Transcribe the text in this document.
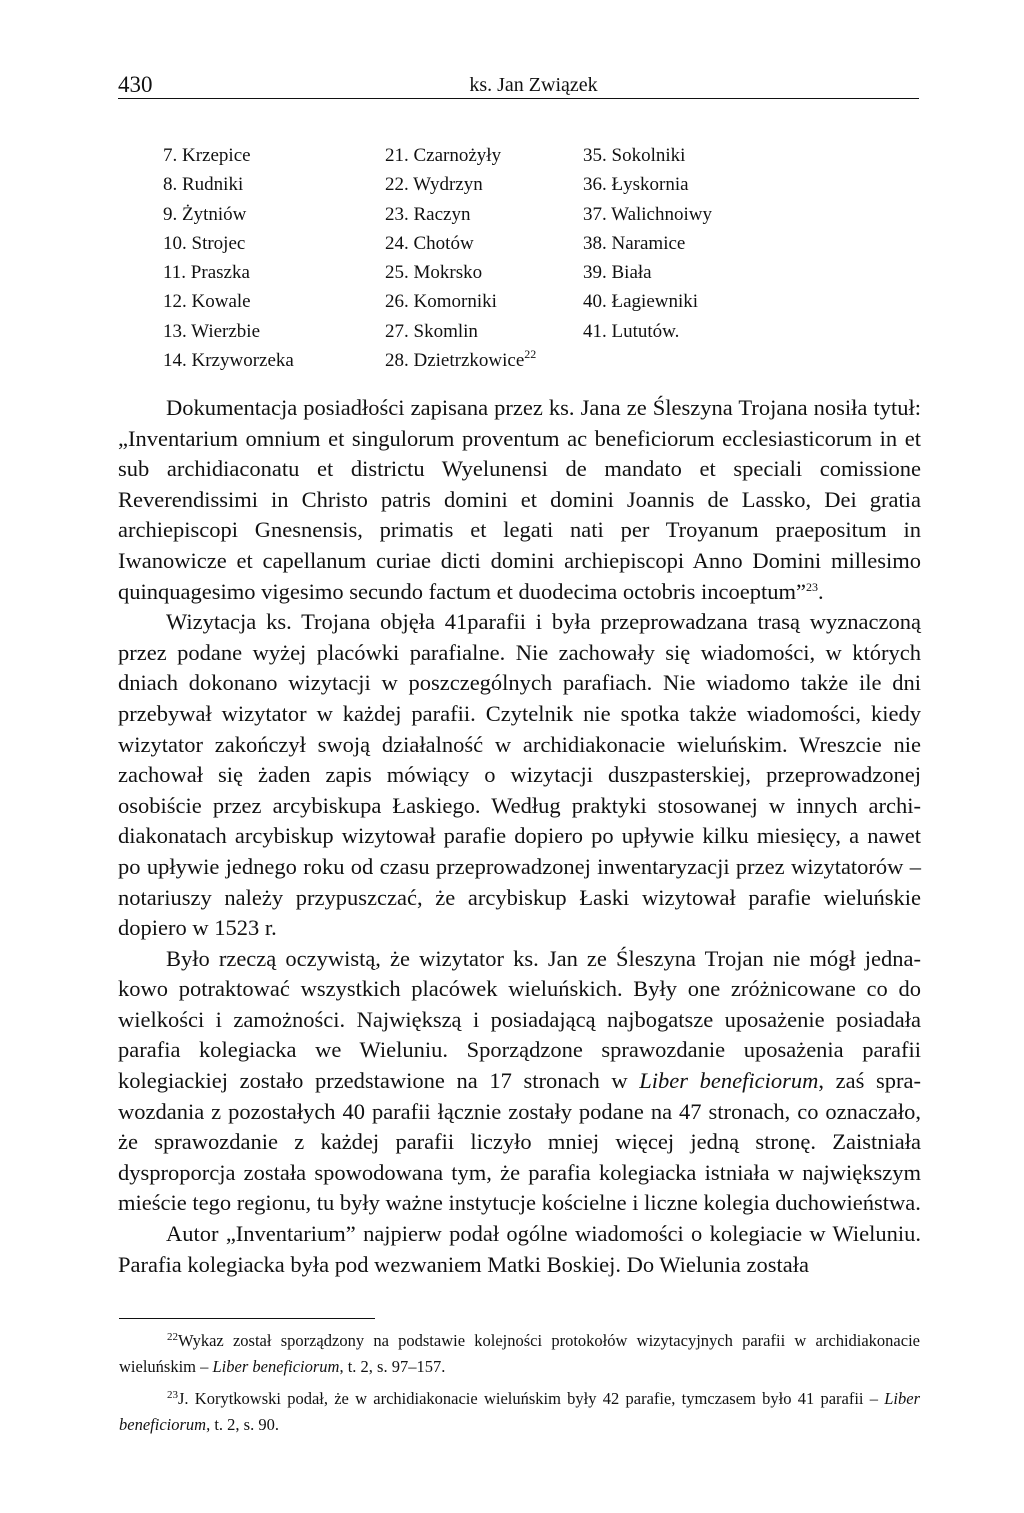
430	ks. Jan Związek
7. Krzepice
8. Rudniki
9. Żytniów
10. Strojec
11. Praszka
12. Kowale
13. Wierzbie
14. Krzyworzeka
21. Czarnożyły
22. Wydrzyn
23. Raczyn
24. Chotów
25. Mokrsko
26. Komorniki
27. Skomlin
28. Dzietrzkowice$^{22}$
35. Sokolniki
36. Łyskornia
37. Walichnoiwy
38. Naramice
39. Biała
40. Łagiewniki
41. Lututów.

Dokumentacja posiadłości zapisana przez ks. Jana ze Śleszyna Trojana nosiła tytuł: „Inventarium omnium et singulorum proventum ac beneficiorum ecclesiasticorum in et sub archidiaconatu et districtu Wyelunensi de mandato et speciali comissione Reverendissimi in Christo patris domini et domini Joannis de Lassko, Dei gratia archiepiscopi Gnesnensis, primatis et legati nati per Troyanum praepositum in Iwanowicze et capellanum curiae dicti domini archiepiscopi Anno Domini millesimo quinquagesimo vigesimo secundo factum et duodecima octobris incoeptum”$^{23}$.

Wizytacja ks. Trojana objęła 41parafii i była przeprowadzana trasą wyznaczoną przez podane wyżej placówki parafialne. Nie zachowały się wiadomości, w których dniach dokonano wizytacji w poszczególnych parafiach. Nie wiadomo także ile dni przebywał wizytator w każdej parafii. Czytelnik nie spotka także wiadomości, kiedy wizytator zakończył swoją działalność w archidiakonacie wieluńskim. Wreszcie nie zachował się żaden zapis mówiący o wizytacji duszpasterskiej, przeprowadzonej osobiście przez arcybiskupa Łaskiego. Według praktyki stosowanej w innych archidiakonatach arcybiskup wizytował parafie dopiero po upływie kilku miesięcy, a nawet po upływie jednego roku od czasu przeprowadzonej inwentaryzacji przez wizytatorów – notariuszy należy przypuszczać, że arcybiskup Łaski wizytował parafie wieluńskie dopiero w 1523 r.

Było rzeczą oczywistą, że wizytator ks. Jan ze Śleszyna Trojan nie mógł jednakowo potraktować wszystkich placówek wieluńskich. Były one zróżnicowane co do wielkości i zamożności. Największą i posiadającą najbogatsze uposażenie posiadała parafia kolegiacka we Wieluniu. Sporządzone sprawozdanie uposażenia parafii kolegiackiej zostało przedstawione na 17 stronach w Liber beneficiorum, zaś sprawozdania z pozostałych 40 parafii łącznie zostały podane na 47 stronach, co oznaczało, że sprawozdanie z każdej parafii liczyło mniej więcej jedną stronę. Zaistniała dysproporcja została spowodowana tym, że parafia kolegiacka istniała w największym mieście tego regionu, tu były ważne instytucje kościelne i liczne kolegia duchowieństwa.

Autor „Inventarium” najpierw podał ogólne wiadomości o kolegiacie w Wieluniu. Parafia kolegiacka była pod wezwaniem Matki Boskiej. Do Wielunia została

$^{22}$Wykaz został sporządzony na podstawie kolejności protokołów wizytacyjnych parafii w archidiakonacie wieluńskim – Liber beneficiorum, t. 2, s. 97–157.

$^{23}$J. Korytkowski podał, że w archidiakonacie wieluńskim były 42 parafie, tymczasem było 41 parafii – Liber beneficiorum, t. 2, s. 90.
